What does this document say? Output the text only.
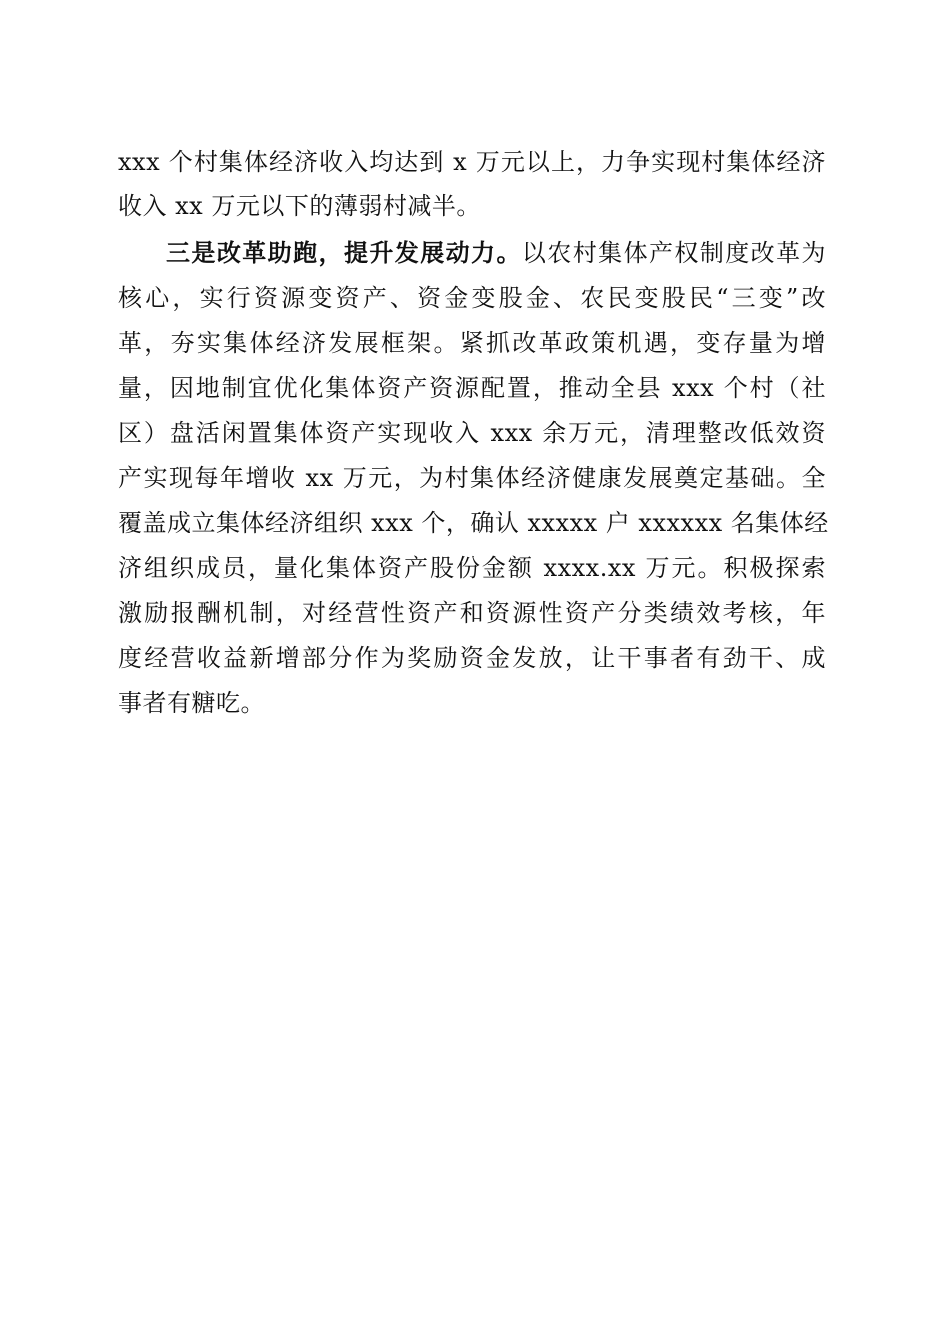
xxx 个村集体经济收入均达到 x 万元以上，力争实现村集体经济
收入 xx 万元以下的薄弱村减半。
三是改革助跑，提升发展动力。以农村集体产权制度改革为
核心，实行资源变资产、资金变股金、农民变股民“三变”改
革，夯实集体经济发展框架。紧抓改革政策机遇，变存量为增
量，因地制宜优化集体资产资源配置，推动全县 xxx 个村（社
区）盘活闲置集体资产实现收入 xxx 余万元，清理整改低效资
产实现每年增收 xx 万元，为村集体经济健康发展奠定基础。全
覆盖成立集体经济组织 xxx 个，确认 xxxxx 户 xxxxxx 名集体经
济组织成员，量化集体资产股份金额 xxxx.xx 万元。积极探索
激励报酬机制，对经营性资产和资源性资产分类绩效考核，年
度经营收益新增部分作为奖励资金发放，让干事者有劲干、成
事者有糖吃。
